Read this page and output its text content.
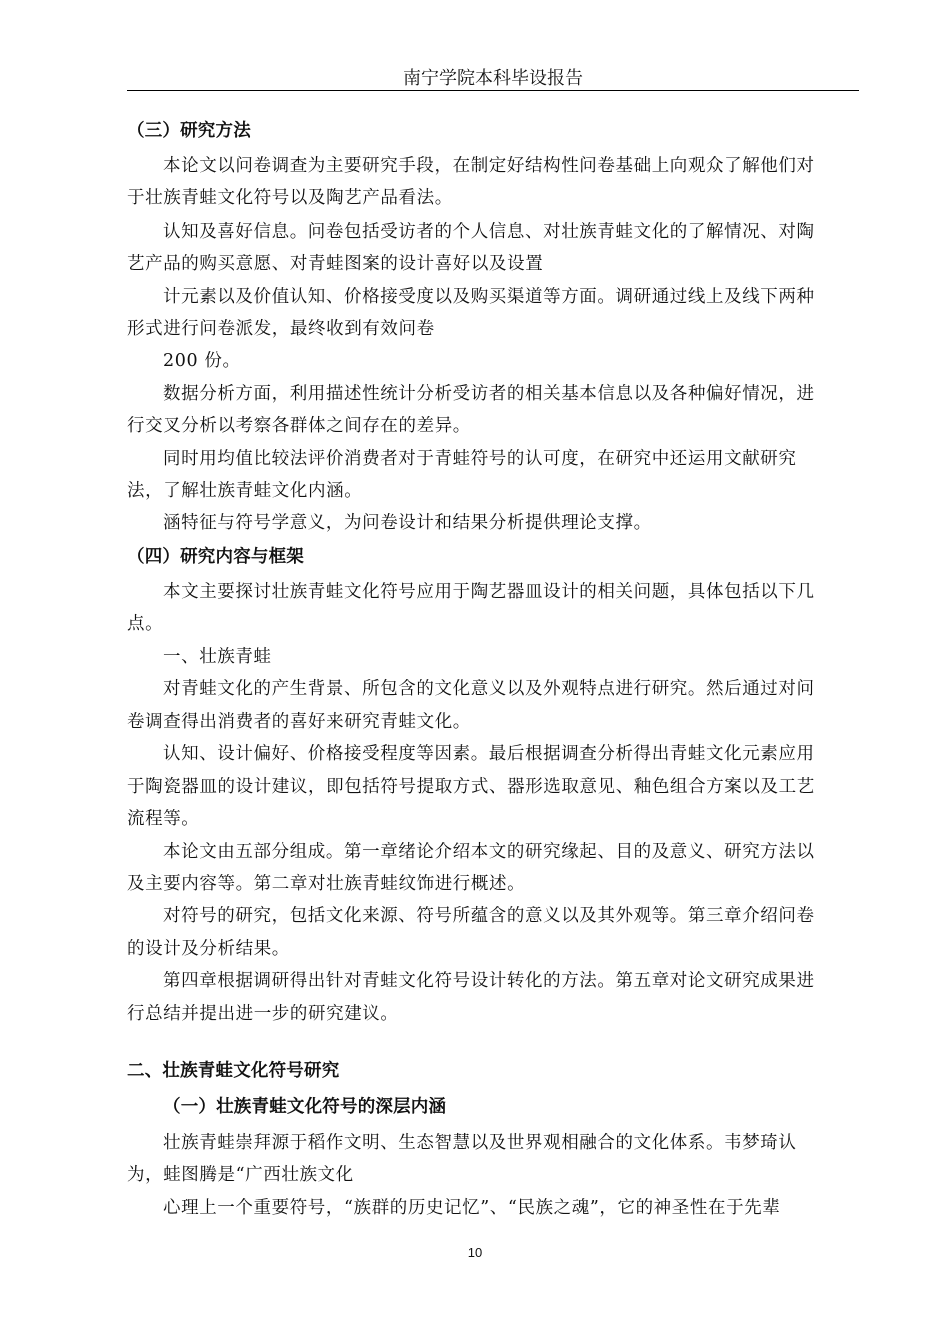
南宁学院本科毕设报告
（三）研究方法
本论文以问卷调查为主要研究手段，在制定好结构性问卷基础上向观众了解他们对
于壮族青蛙文化符号以及陶艺产品看法。
认知及喜好信息。问卷包括受访者的个人信息、对壮族青蛙文化的了解情况、对陶
艺产品的购买意愿、对青蛙图案的设计喜好以及设置
计元素以及价值认知、价格接受度以及购买渠道等方面。调研通过线上及线下两种
形式进行问卷派发，最终收到有效问卷
200 份。
数据分析方面，利用描述性统计分析受访者的相关基本信息以及各种偏好情况，进
行交叉分析以考察各群体之间存在的差异。
同时用均值比较法评价消费者对于青蛙符号的认可度，在研究中还运用文献研究
法，了解壮族青蛙文化内涵。
涵特征与符号学意义，为问卷设计和结果分析提供理论支撑。
（四）研究内容与框架
本文主要探讨壮族青蛙文化符号应用于陶艺器皿设计的相关问题，具体包括以下几
点。
一、壮族青蛙
对青蛙文化的产生背景、所包含的文化意义以及外观特点进行研究。然后通过对问
卷调查得出消费者的喜好来研究青蛙文化。
认知、设计偏好、价格接受程度等因素。最后根据调查分析得出青蛙文化元素应用
于陶瓷器皿的设计建议，即包括符号提取方式、器形选取意见、釉色组合方案以及工艺
流程等。
本论文由五部分组成。第一章绪论介绍本文的研究缘起、目的及意义、研究方法以
及主要内容等。第二章对壮族青蛙纹饰进行概述。
对符号的研究，包括文化来源、符号所蕴含的意义以及其外观等。第三章介绍问卷
的设计及分析结果。
第四章根据调研得出针对青蛙文化符号设计转化的方法。第五章对论文研究成果进
行总结并提出进一步的研究建议。
二、壮族青蛙文化符号研究
（一）壮族青蛙文化符号的深层内涵
壮族青蛙崇拜源于稻作文明、生态智慧以及世界观相融合的文化体系。韦梦琦认
为，蛙图腾是“广西壮族文化
心理上一个重要符号，“族群的历史记忆”、“民族之魂”，它的神圣性在于先辈
10
